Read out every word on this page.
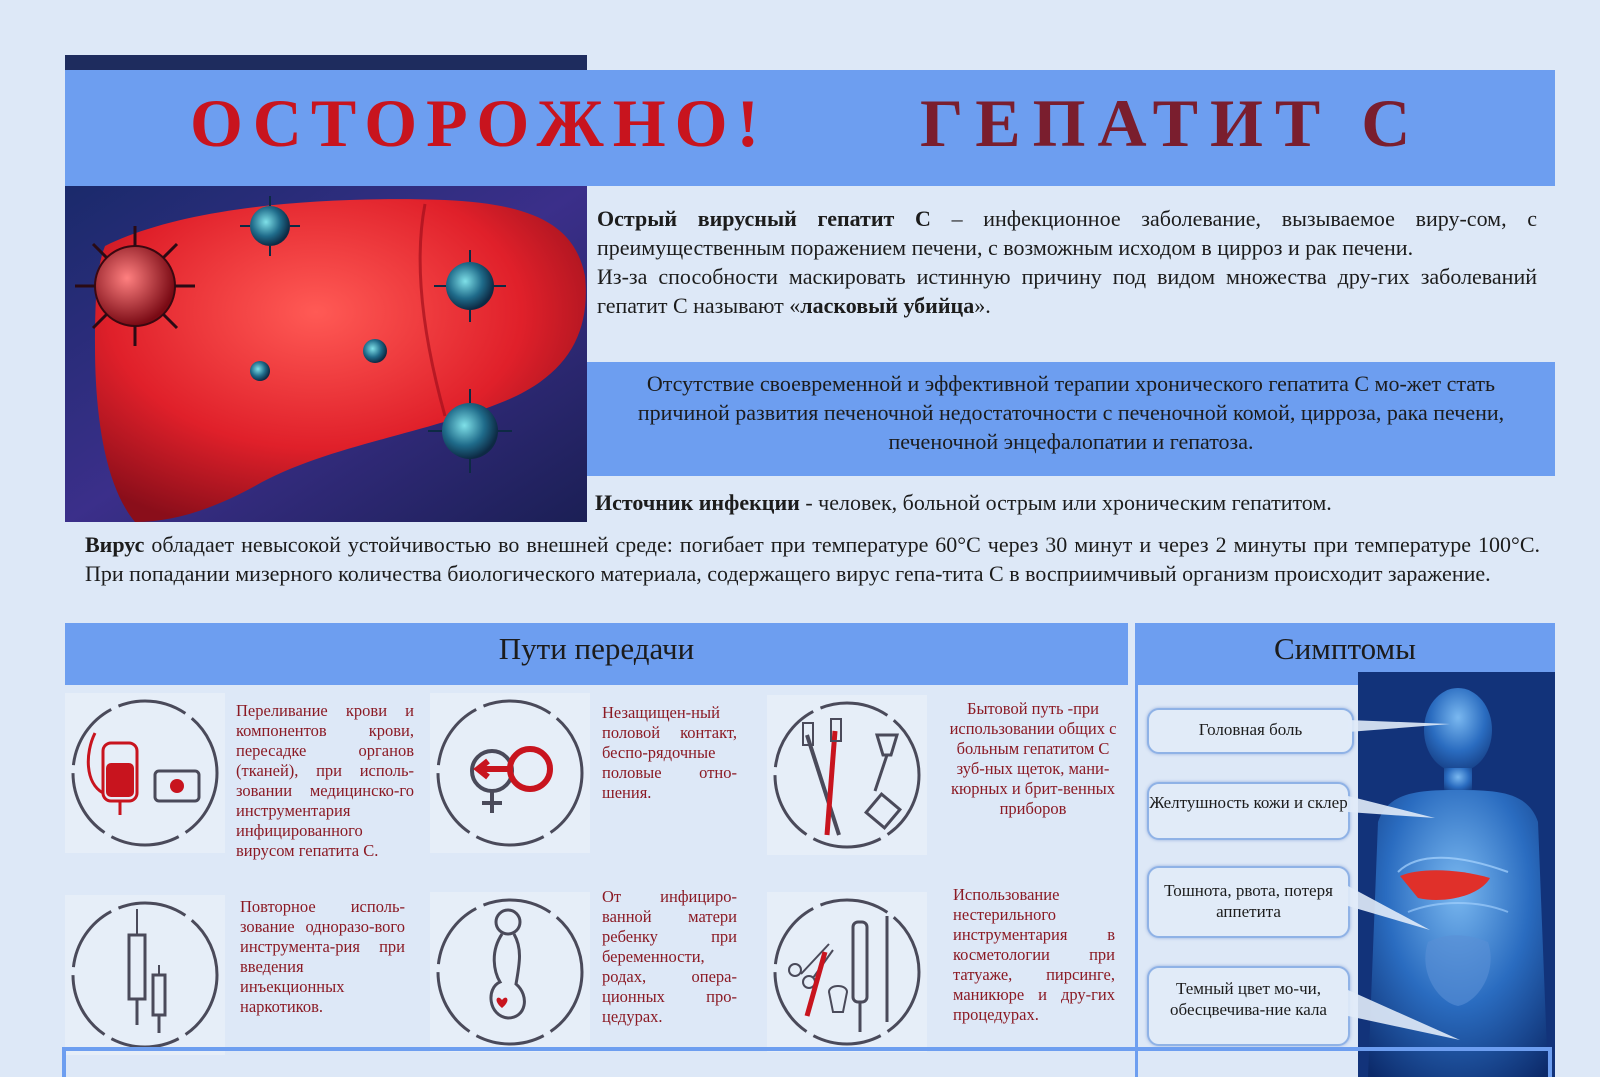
ОСТОРОЖНО! ГЕПАТИТ С
Острый вирусный гепатит С – инфекционное заболевание, вызываемое виру-сом, с преимущественным поражением печени, с возможным исходом в цирроз и рак печени.
Из-за способности маскировать истинную причину под видом множества дру-гих заболеваний гепатит С называют «ласковый убийца».
Отсутствие своевременной и эффективной терапии хронического гепатита С мо-жет стать причиной развития печеночной недостаточности с печеночной комой, цирроза, рака печени, печеночной энцефалопатии и гепатоза.
Источник инфекции - человек, больной острым или хроническим гепатитом.
Вирус обладает невысокой устойчивостью во внешней среде: погибает при температуре 60°С через 30 минут и через 2 минуты при температуре 100°С. При попадании мизерного количества биологического материала, содержащего вирус гепа-тита С в восприимчивый организм происходит заражение.
Пути передачи	Симптомы
Переливание крови и компонентов крови, пересадке органов (тканей), при исполь-зовании медицинско-го инструментария инфицированного вирусом гепатита С.
Незащищен-ный половой контакт, беспо-рядочные половые отно-шения.
Бытовой путь -при использовании общих с больным гепатитом С зуб-ных щеток, мани-кюрных и брит-венных приборов
Повторное исполь-зование одноразо-вого инструмента-рия при введения инъекционных наркотиков.
От инфициро-ванной матери ребенку при беременности, родах, опера-ционных про-цедурах.
Использование нестерильного инструментария в косметологии при татуаже, пирсинге, маникюре и дру-гих процедурах.
Головная боль
Желтушность кожи и склер
Тошнота, рвота, потеря аппетита
Темный цвет мо-чи, обесцвечива-ние кала
